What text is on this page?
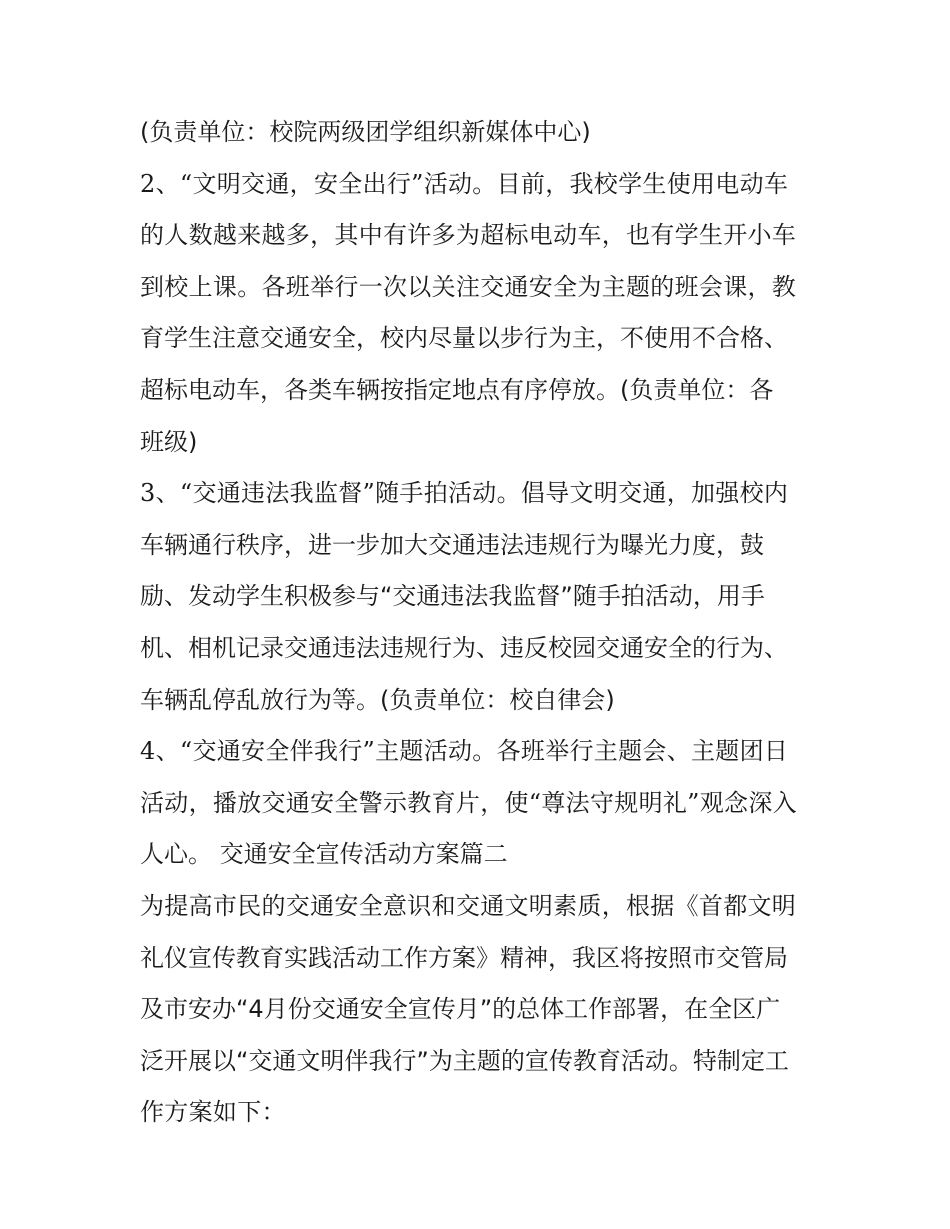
(负责单位：校院两级团学组织新媒体中心)
2、“文明交通，安全出行”活动。目前，我校学生使用电动车
的人数越来越多，其中有许多为超标电动车，也有学生开小车
到校上课。各班举行一次以关注交通安全为主题的班会课，教
育学生注意交通安全，校内尽量以步行为主，不使用不合格、
超标电动车，各类车辆按指定地点有序停放。(负责单位：各
班级)
3、“交通违法我监督”随手拍活动。倡导文明交通，加强校内
车辆通行秩序，进一步加大交通违法违规行为曝光力度，鼓
励、发动学生积极参与“交通违法我监督”随手拍活动，用手
机、相机记录交通违法违规行为、违反校园交通安全的行为、
车辆乱停乱放行为等。(负责单位：校自律会)
4、“交通安全伴我行”主题活动。各班举行主题会、主题团日
活动，播放交通安全警示教育片，使“尊法守规明礼”观念深入
人心。 交通安全宣传活动方案篇二
为提高市民的交通安全意识和交通文明素质，根据《首都文明
礼仪宣传教育实践活动工作方案》精神，我区将按照市交管局
及市安办“4月份交通安全宣传月”的总体工作部署，在全区广
泛开展以“交通文明伴我行”为主题的宣传教育活动。特制定工
作方案如下：
